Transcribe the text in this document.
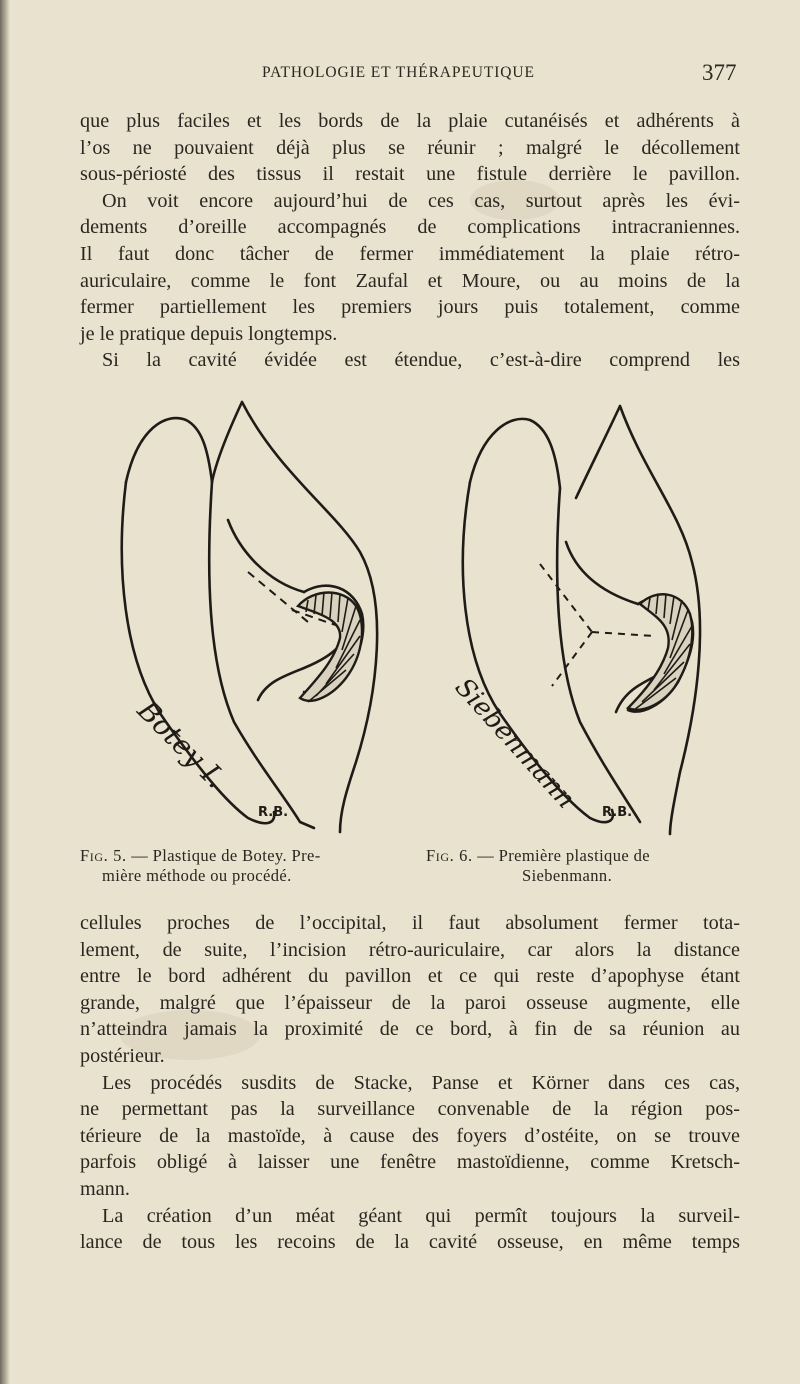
PATHOLOGIE ET THÉRAPEUTIQUE	377
que plus faciles et les bords de la plaie cutanéisés et adhérents à
l’os ne pouvaient déjà plus se réunir ; malgré le décollement
sous-périosté des tissus il restait une fistule derrière le pavillon.
On voit encore aujourd’hui de ces cas, surtout après les évi-
dements d’oreille accompagnés de complications intracraniennes.
Il faut donc tâcher de fermer immédiatement la plaie rétro-
auriculaire, comme le font Zaufal et Moure, ou au moins de la
fermer partiellement les premiers jours puis totalement, comme
je le pratique depuis longtemps.
Si la cavité évidée est étendue, c’est-à-dire comprend les
R.B.
Botey I.
R.B.
Siebenmann
Fig. 5. — Plastique de Botey. Pre-
mière méthode ou procédé.
Fig. 6. — Première plastique de
Siebenmann.
cellules proches de l’occipital, il faut absolument fermer tota-
lement, de suite, l’incision rétro-auriculaire, car alors la distance
entre le bord adhérent du pavillon et ce qui reste d’apophyse étant
grande, malgré que l’épaisseur de la paroi osseuse augmente, elle
n’atteindra jamais la proximité de ce bord, à fin de sa réunion au
postérieur.
Les procédés susdits de Stacke, Panse et Körner dans ces cas,
ne permettant pas la surveillance convenable de la région pos-
térieure de la mastoïde, à cause des foyers d’ostéite, on se trouve
parfois obligé à laisser une fenêtre mastoïdienne, comme Kretsch-
mann.
La création d’un méat géant qui permît toujours la surveil-
lance de tous les recoins de la cavité osseuse, en même temps
